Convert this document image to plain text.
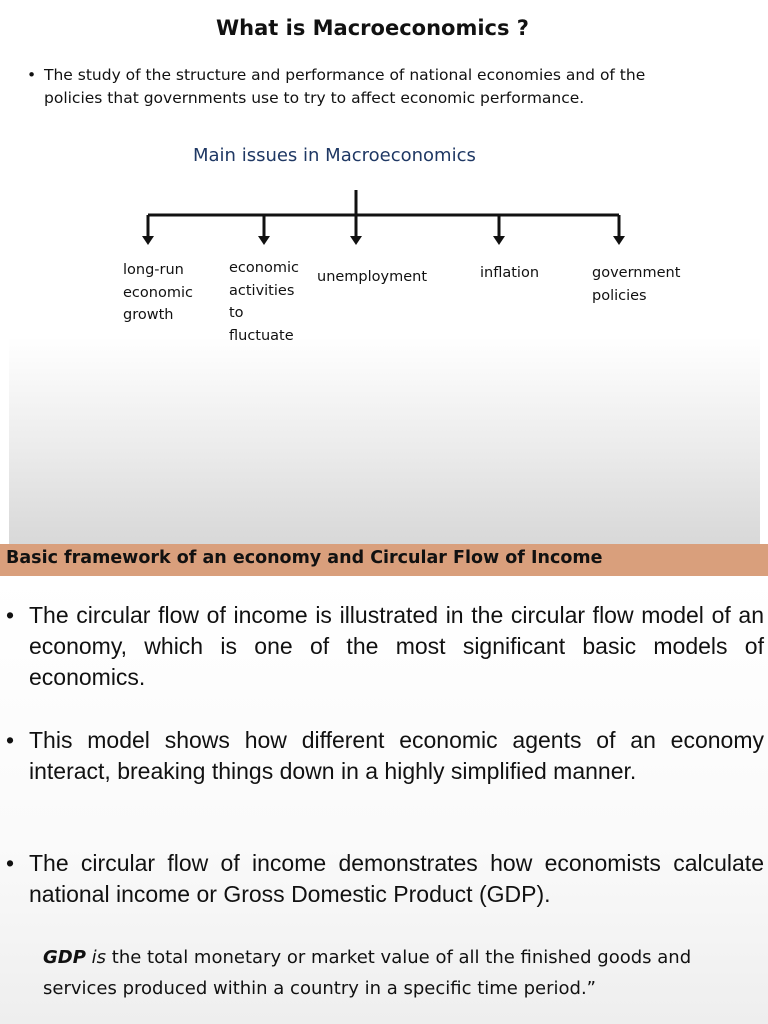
What is Macroeconomics ?
• The study of the structure and performance of national economies and of the policies that governments use to try to affect economic performance.
Main issues in Macroeconomics
long-run
economic
growth
economic
activities
to
fluctuate
unemployment	inflation	government
policies
Basic framework of an economy and Circular Flow of Income
• The circular flow of income is illustrated in the circular flow model of an economy, which is one of the most significant basic models of economics.
• This model shows how different economic agents of an economy interact, breaking things down in a highly simplified manner.
• The circular flow of income demonstrates how economists calculate national income or Gross Domestic Product (GDP).
GDP is the total monetary or market value of all the finished goods and services produced within a country in a specific time period.”
